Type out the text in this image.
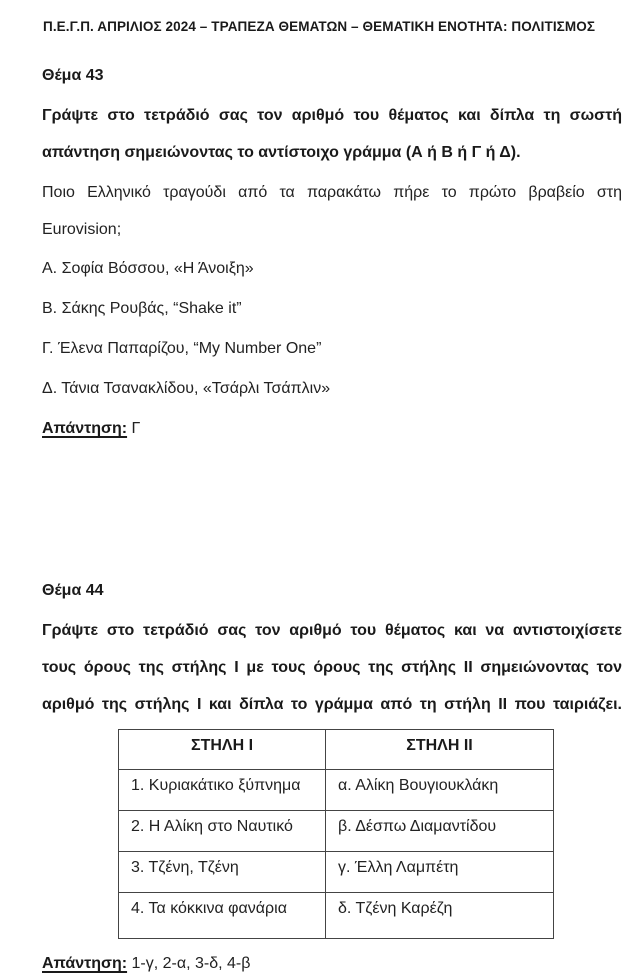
Π.Ε.Γ.Π. ΑΠΡΙΛΙΟΣ 2024 – ΤΡΑΠΕΖΑ ΘΕΜΑΤΩΝ – ΘΕΜΑΤΙΚΗ ΕΝΟΤΗΤΑ: ΠΟΛΙΤΙΣΜΟΣ
Θέμα 43
Γράψτε στο τετράδιό σας τον αριθμό του θέματος και δίπλα τη σωστή
απάντηση σημειώνοντας το αντίστοιχο γράμμα (Α ή Β ή Γ ή Δ).
Ποιο Ελληνικό τραγούδι από τα παρακάτω πήρε το πρώτο βραβείο στη
Eurovision;
Α. Σοφία Βόσσου, «Η Άνοιξη»
Β. Σάκης Ρουβάς, “Shake it”
Γ. Έλενα Παπαρίζου, “My Number One”
Δ. Τάνια Τσανακλίδου, «Τσάρλι Τσάπλιν»
Απάντηση: Γ
Θέμα 44
Γράψτε στο τετράδιό σας τον αριθμό του θέματος και να αντιστοιχίσετε
τους όρους της στήλης Ι με τους όρους της στήλης ΙΙ σημειώνοντας τον
αριθμό της στήλης Ι και δίπλα το γράμμα από τη στήλη ΙΙ που ταιριάζει.
ΣΤΗΛΗ Ι	ΣΤΗΛΗ ΙΙ
1. Κυριακάτικο ξύπνημα	α. Αλίκη Βουγιουκλάκη
2. Η Αλίκη στο Ναυτικό	β. Δέσπω Διαμαντίδου
3. Τζένη, Τζένη	γ. Έλλη Λαμπέτη
4. Τα κόκκινα φανάρια	δ. Τζένη Καρέζη
Απάντηση: 1-γ, 2-α, 3-δ, 4-β
